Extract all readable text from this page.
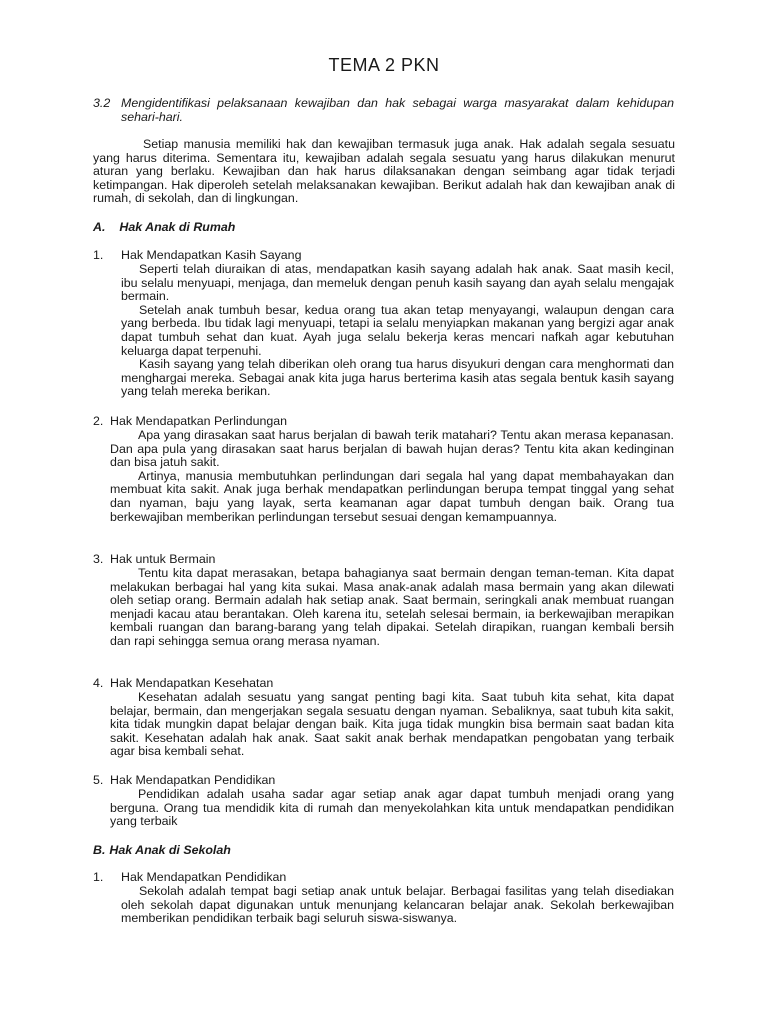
TEMA 2 PKN
3.2 Mengidentifikasi pelaksanaan kewajiban dan hak sebagai warga masyarakat dalam kehidupan sehari-hari.

Setiap manusia memiliki hak dan kewajiban termasuk juga anak. Hak adalah segala sesuatu yang harus diterima. Sementara itu, kewajiban adalah segala sesuatu yang harus dilakukan menurut aturan yang berlaku. Kewajiban dan hak harus dilaksanakan dengan seimbang agar tidak terjadi ketimpangan. Hak diperoleh setelah melaksanakan kewajiban. Berikut adalah hak dan kewajiban anak di rumah, di sekolah, dan di lingkungan.

A. Hak Anak di Rumah
1. Hak Mendapatkan Kasih Sayang

Seperti telah diuraikan di atas, mendapatkan kasih sayang adalah hak anak. Saat masih kecil, ibu selalu menyuapi, menjaga, dan memeluk dengan penuh kasih sayang dan ayah selalu mengajak bermain.

Setelah anak tumbuh besar, kedua orang tua akan tetap menyayangi, walaupun dengan cara yang berbeda. Ibu tidak lagi menyuapi, tetapi ia selalu menyiapkan makanan yang bergizi agar anak dapat tumbuh sehat dan kuat. Ayah juga selalu bekerja keras mencari nafkah agar kebutuhan keluarga dapat terpenuhi.

Kasih sayang yang telah diberikan oleh orang tua harus disyukuri dengan cara menghormati dan menghargai mereka. Sebagai anak kita juga harus berterima kasih atas segala bentuk kasih sayang yang telah mereka berikan.

2. Hak Mendapatkan Perlindungan

Apa yang dirasakan saat harus berjalan di bawah terik matahari? Tentu akan merasa kepanasan. Dan apa pula yang dirasakan saat harus berjalan di bawah hujan deras? Tentu kita akan kedinginan dan bisa jatuh sakit.

Artinya, manusia membutuhkan perlindungan dari segala hal yang dapat membahayakan dan membuat kita sakit. Anak juga berhak mendapatkan perlindungan berupa tempat tinggal yang sehat dan nyaman, baju yang layak, serta keamanan agar dapat tumbuh dengan baik. Orang tua berkewajiban memberikan perlindungan tersebut sesuai dengan kemampuannya.

3. Hak untuk Bermain

Tentu kita dapat merasakan, betapa bahagianya saat bermain dengan teman-teman. Kita dapat melakukan berbagai hal yang kita sukai. Masa anak-anak adalah masa bermain yang akan dilewati oleh setiap orang. Bermain adalah hak setiap anak. Saat bermain, seringkali anak membuat ruangan menjadi kacau atau berantakan. Oleh karena itu, setelah selesai bermain, ia berkewajiban merapikan kembali ruangan dan barang-barang yang telah dipakai. Setelah dirapikan, ruangan kembali bersih dan rapi sehingga semua orang merasa nyaman.

4. Hak Mendapatkan Kesehatan

Kesehatan adalah sesuatu yang sangat penting bagi kita. Saat tubuh kita sehat, kita dapat belajar, bermain, dan mengerjakan segala sesuatu dengan nyaman. Sebaliknya, saat tubuh kita sakit, kita tidak mungkin dapat belajar dengan baik. Kita juga tidak mungkin bisa bermain saat badan kita sakit. Kesehatan adalah hak anak. Saat sakit anak berhak mendapatkan pengobatan yang terbaik agar bisa kembali sehat.

5. Hak Mendapatkan Pendidikan

Pendidikan adalah usaha sadar agar setiap anak agar dapat tumbuh menjadi orang yang berguna. Orang tua mendidik kita di rumah dan menyekolahkan kita untuk mendapatkan pendidikan yang terbaik

B. Hak Anak di Sekolah
1. Hak Mendapatkan Pendidikan

Sekolah adalah tempat bagi setiap anak untuk belajar. Berbagai fasilitas yang telah disediakan oleh sekolah dapat digunakan untuk menunjang kelancaran belajar anak. Sekolah berkewajiban memberikan pendidikan terbaik bagi seluruh siswa-siswanya.
